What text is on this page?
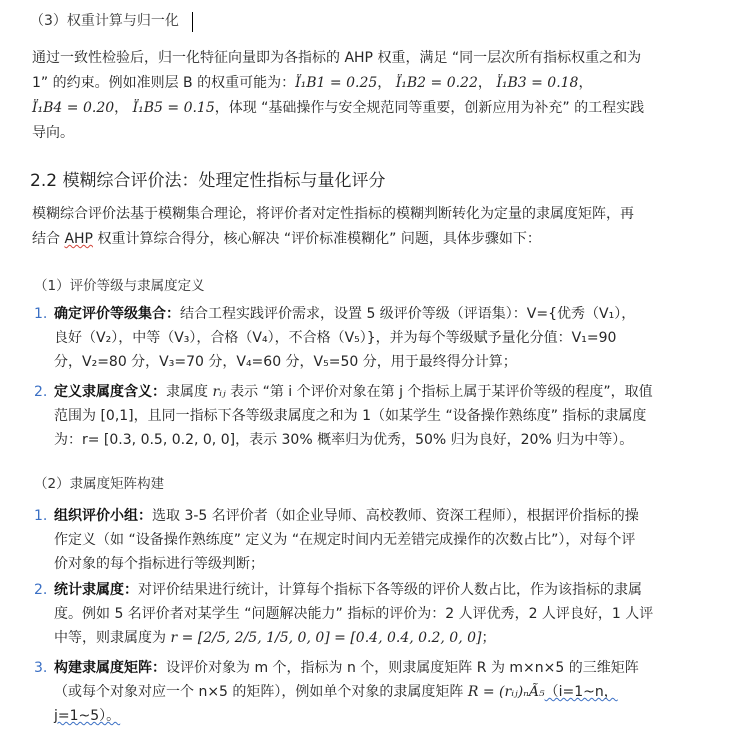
（3）权重计算与归一化
通过一致性检验后，归一化特征向量即为各指标的 AHP 权重，满足 “同一层次所有指标权重之和为
1” 的约束。例如准则层 B 的权重可能为：Ï₁B1 = 0.25， Ï₁B2 = 0.22， Ï₁B3 = 0.18，
Ï₁B4 = 0.20， Ï₁B5 = 0.15，体现 “基础操作与安全规范同等重要，创新应用为补充” 的工程实践
导向。
2.2 模糊综合评价法：处理定性指标与量化评分
模糊综合评价法基于模糊集合理论，将评价者对定性指标的模糊判断转化为定量的隶属度矩阵，再
结合 AHP 权重计算综合得分，核心解决 “评价标准模糊化” 问题，具体步骤如下：
（1）评价等级与隶属度定义
1. 确定评价等级集合：结合工程实践评价需求，设置 5 级评价等级（评语集）：V={优秀（V₁），
良好（V₂），中等（V₃），合格（V₄），不合格（V₅）}，并为每个等级赋予量化分值：V₁=90
分，V₂=80 分，V₃=70 分，V₄=60 分，V₅=50 分，用于最终得分计算；
2. 定义隶属度含义：隶属度 rᵢⱼ 表示 “第 i 个评价对象在第 j 个指标上属于某评价等级的程度”，取值
范围为 [0,1]，且同一指标下各等级隶属度之和为 1（如某学生 “设备操作熟练度” 指标的隶属度
为：r= [0.3, 0.5, 0.2, 0, 0]，表示 30% 概率归为优秀，50% 归为良好，20% 归为中等）。
（2）隶属度矩阵构建
1. 组织评价小组：选取 3-5 名评价者（如企业导师、高校教师、资深工程师），根据评价指标的操
作定义（如 “设备操作熟练度” 定义为 “在规定时间内无差错完成操作的次数占比”），对每个评
价对象的每个指标进行等级判断；
2. 统计隶属度：对评价结果进行统计，计算每个指标下各等级的评价人数占比，作为该指标的隶属
度。例如 5 名评价者对某学生 “问题解决能力” 指标的评价为：2 人评优秀，2 人评良好，1 人评
中等，则隶属度为 r = [2/5, 2/5, 1/5, 0, 0] = [0.4, 0.4, 0.2, 0, 0]；
3. 构建隶属度矩阵：设评价对象为 m 个，指标为 n 个，则隶属度矩阵 R 为 m×n×5 的三维矩阵
（或每个对象对应一个 n×5 的矩阵），例如单个对象的隶属度矩阵 R = (rᵢⱼ)ₙÃ₅（i=1~n，
j=1~5）。
